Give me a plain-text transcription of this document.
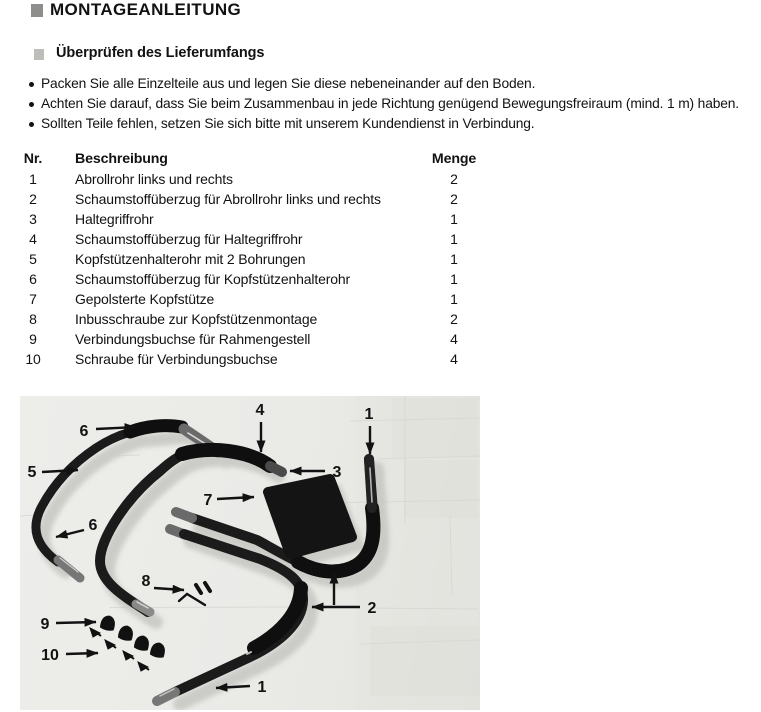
MONTAGEANLEITUNG
Überprüfen des Lieferumfangs
Packen Sie alle Einzelteile aus und legen Sie diese nebeneinander auf den Boden.
Achten Sie darauf, dass Sie beim Zusammenbau in jede Richtung genügend Bewegungsfreiraum (mind. 1 m) haben.
Sollten Teile fehlen, setzen Sie sich bitte mit unserem Kundendienst in Verbindung.
Nr.	Beschreibung	Menge
1	Abrollrohr links und rechts	2
2	Schaumstoffüberzug für Abrollrohr links und rechts	2
3	Haltegriffrohr	1
4	Schaumstoffüberzug für Haltegriffrohr	1
5	Kopfstützenhalterohr mit 2 Bohrungen	1
6	Schaumstoffüberzug für Kopfstützenhalterohr	1
7	Gepolsterte Kopfstütze	1
8	Inbusschraube zur Kopfstützenmontage	2
9	Verbindungsbuchse für Rahmengestell	4
10	Schraube für Verbindungsbuchse	4
6
4	1
5	3
7
6
8
2
9
10
1
